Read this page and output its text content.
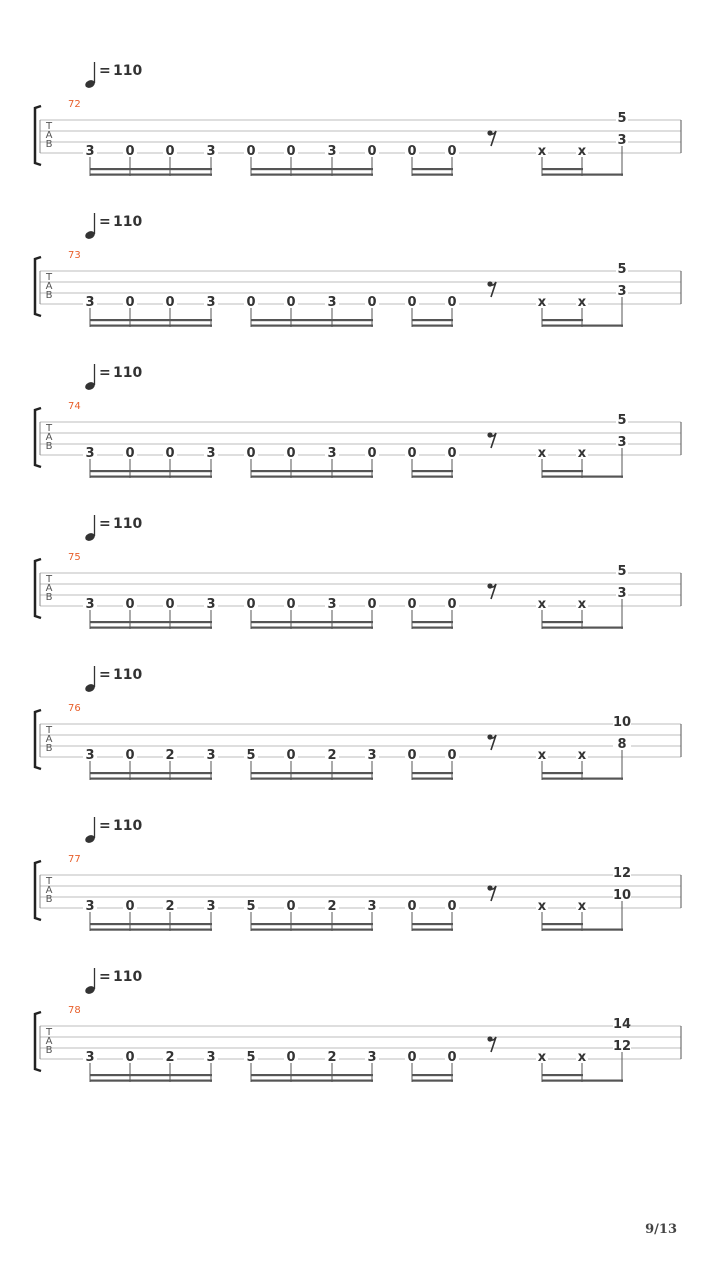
= 110
72
T
A
B	3 0 0 3 0 0 3 0 0 0	x x
5
3
= 110
73
T
A
B	3 0 0 3 0 0 3 0 0 0	x x
5
3
= 110
74
T
A
B	3 0 0 3 0 0 3 0 0 0	x x
5
3
= 110
75
T
A
B	3 0 0 3 0 0 3 0 0 0	x x
5
3
= 110
76
T
A
B	3 0 2 3 5 0 2 3 0 0	x x
10
8
= 110
77
T
A
B	3 0 2 3 5 0 2 3 0 0	x x
12
10
= 110
78
T
A
B	3 0 2 3 5 0 2 3 0 0	x x
14
12
9/13
